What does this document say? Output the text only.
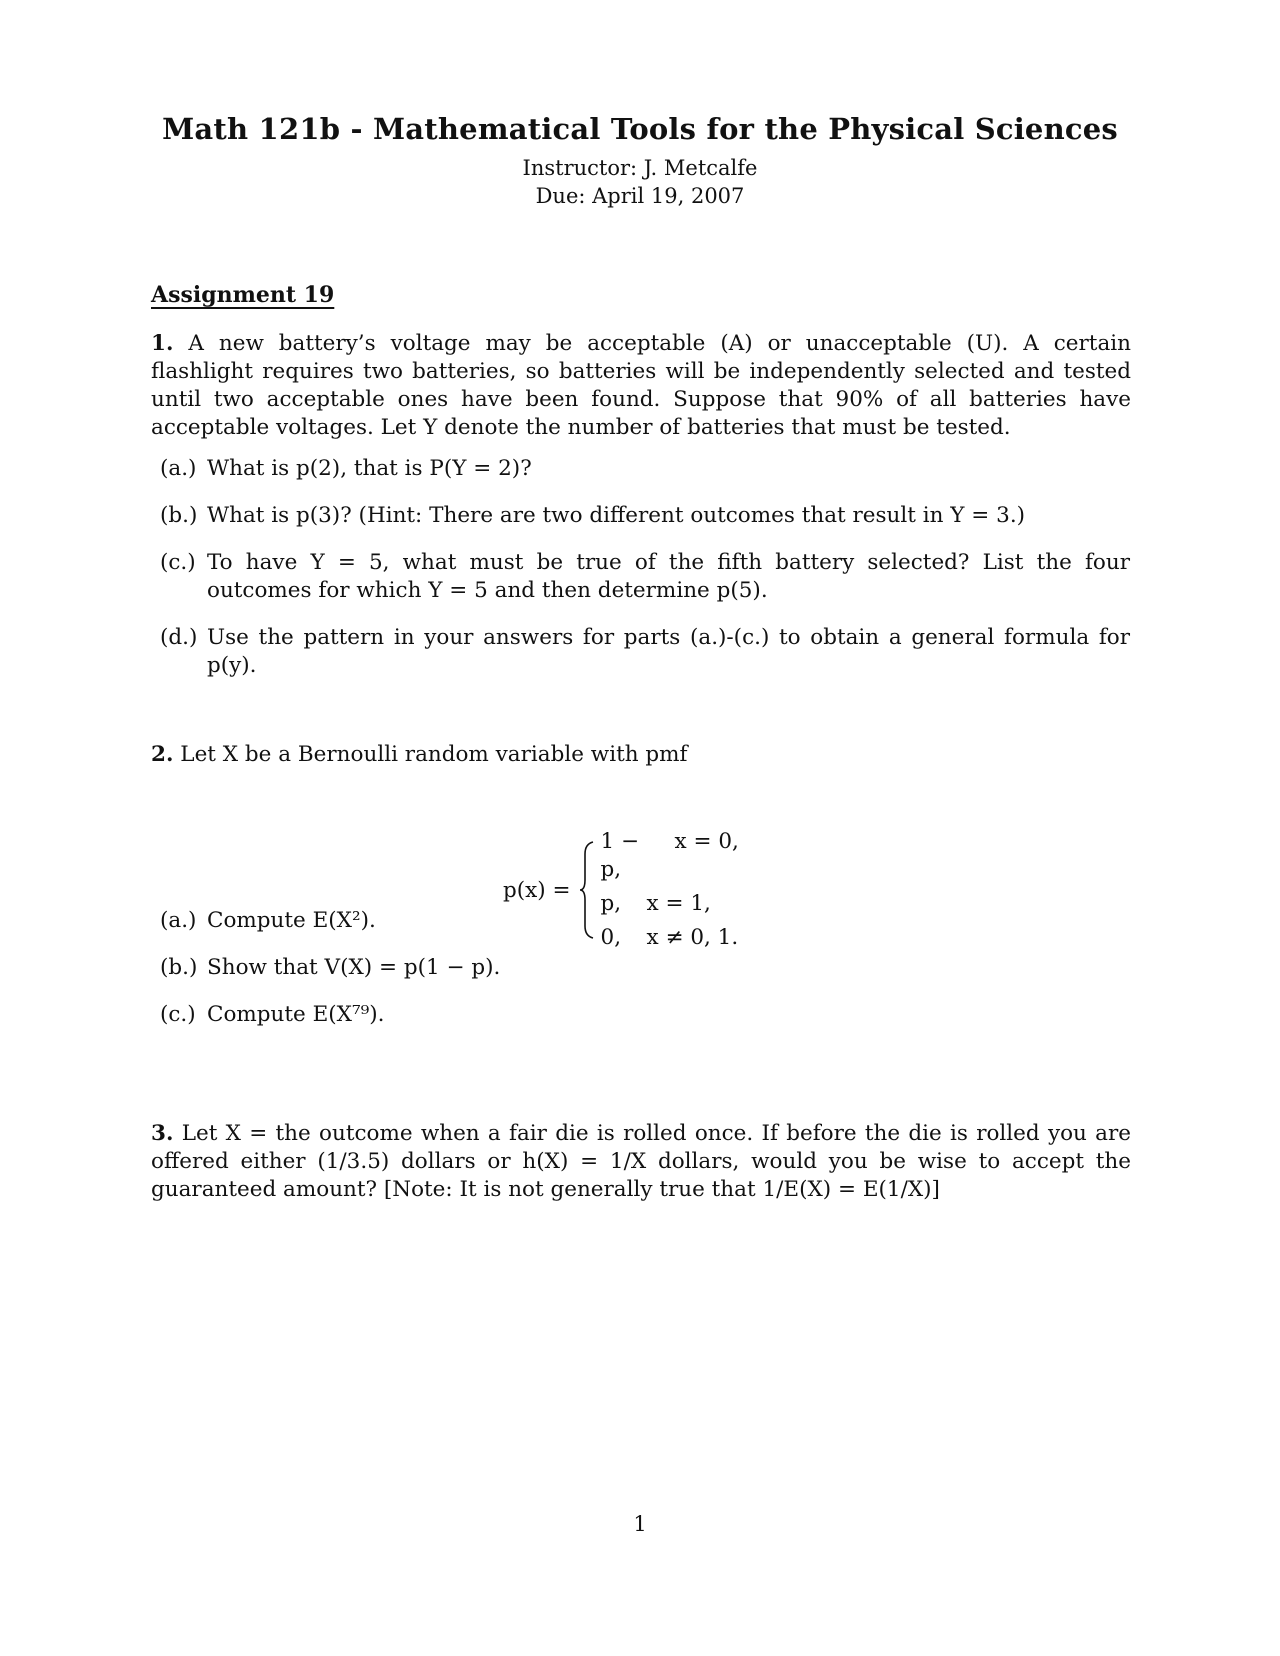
Math 121b - Mathematical Tools for the Physical Sciences
Instructor: J. Metcalfe
Due: April 19, 2007
Assignment 19
1. A new battery’s voltage may be acceptable (A) or unacceptable (U). A certain flashlight requires two batteries, so batteries will be independently selected and tested until two acceptable ones have been found. Suppose that 90% of all batteries have acceptable voltages. Let Y denote the number of batteries that must be tested.
(a.) What is p(2), that is P(Y = 2)?
(b.) What is p(3)? (Hint: There are two different outcomes that result in Y = 3.)
(c.) To have Y = 5, what must be true of the fifth battery selected? List the four outcomes for which Y = 5 and then determine p(5).
(d.) Use the pattern in your answers for parts (a.)-(c.) to obtain a general formula for p(y).
2. Let X be a Bernoulli random variable with pmf
p(x) =
1 − p,
x = 0,
p,	x = 1,
0,	x ≠ 0, 1.
(a.) Compute E(X²).
(b.) Show that V(X) = p(1 − p).
(c.) Compute E(X⁷⁹).
3. Let X = the outcome when a fair die is rolled once. If before the die is rolled you are offered either (1/3.5) dollars or h(X) = 1/X dollars, would you be wise to accept the guaranteed amount? [Note: It is not generally true that 1/E(X) = E(1/X)]
1
